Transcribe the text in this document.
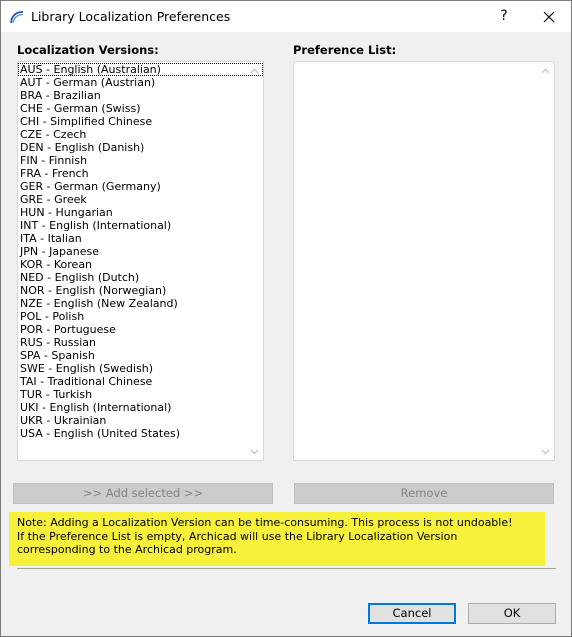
Library Localization Preferences	?
Localization Versions:	Preference List:
AUS - English (Australian)
AUT - German (Austrian)
BRA - Brazilian
CHE - German (Swiss)
CHI - Simplified Chinese
CZE - Czech
DEN - English (Danish)
FIN - Finnish
FRA - French
GER - German (Germany)
GRE - Greek
HUN - Hungarian
INT - English (International)
ITA - Italian
JPN - Japanese
KOR - Korean
NED - English (Dutch)
NOR - English (Norwegian)
NZE - English (New Zealand)
POL - Polish
POR - Portuguese
RUS - Russian
SPA - Spanish
SWE - English (Swedish)
TAI - Traditional Chinese
TUR - Turkish
UKI - English (International)
UKR - Ukrainian
USA - English (United States)
>> Add selected >>	Remove
Note: Adding a Localization Version can be time-consuming. This process is not undoable!
If the Preference List is empty, Archicad will use the Library Localization Version corresponding to the Archicad program.
Cancel	OK
